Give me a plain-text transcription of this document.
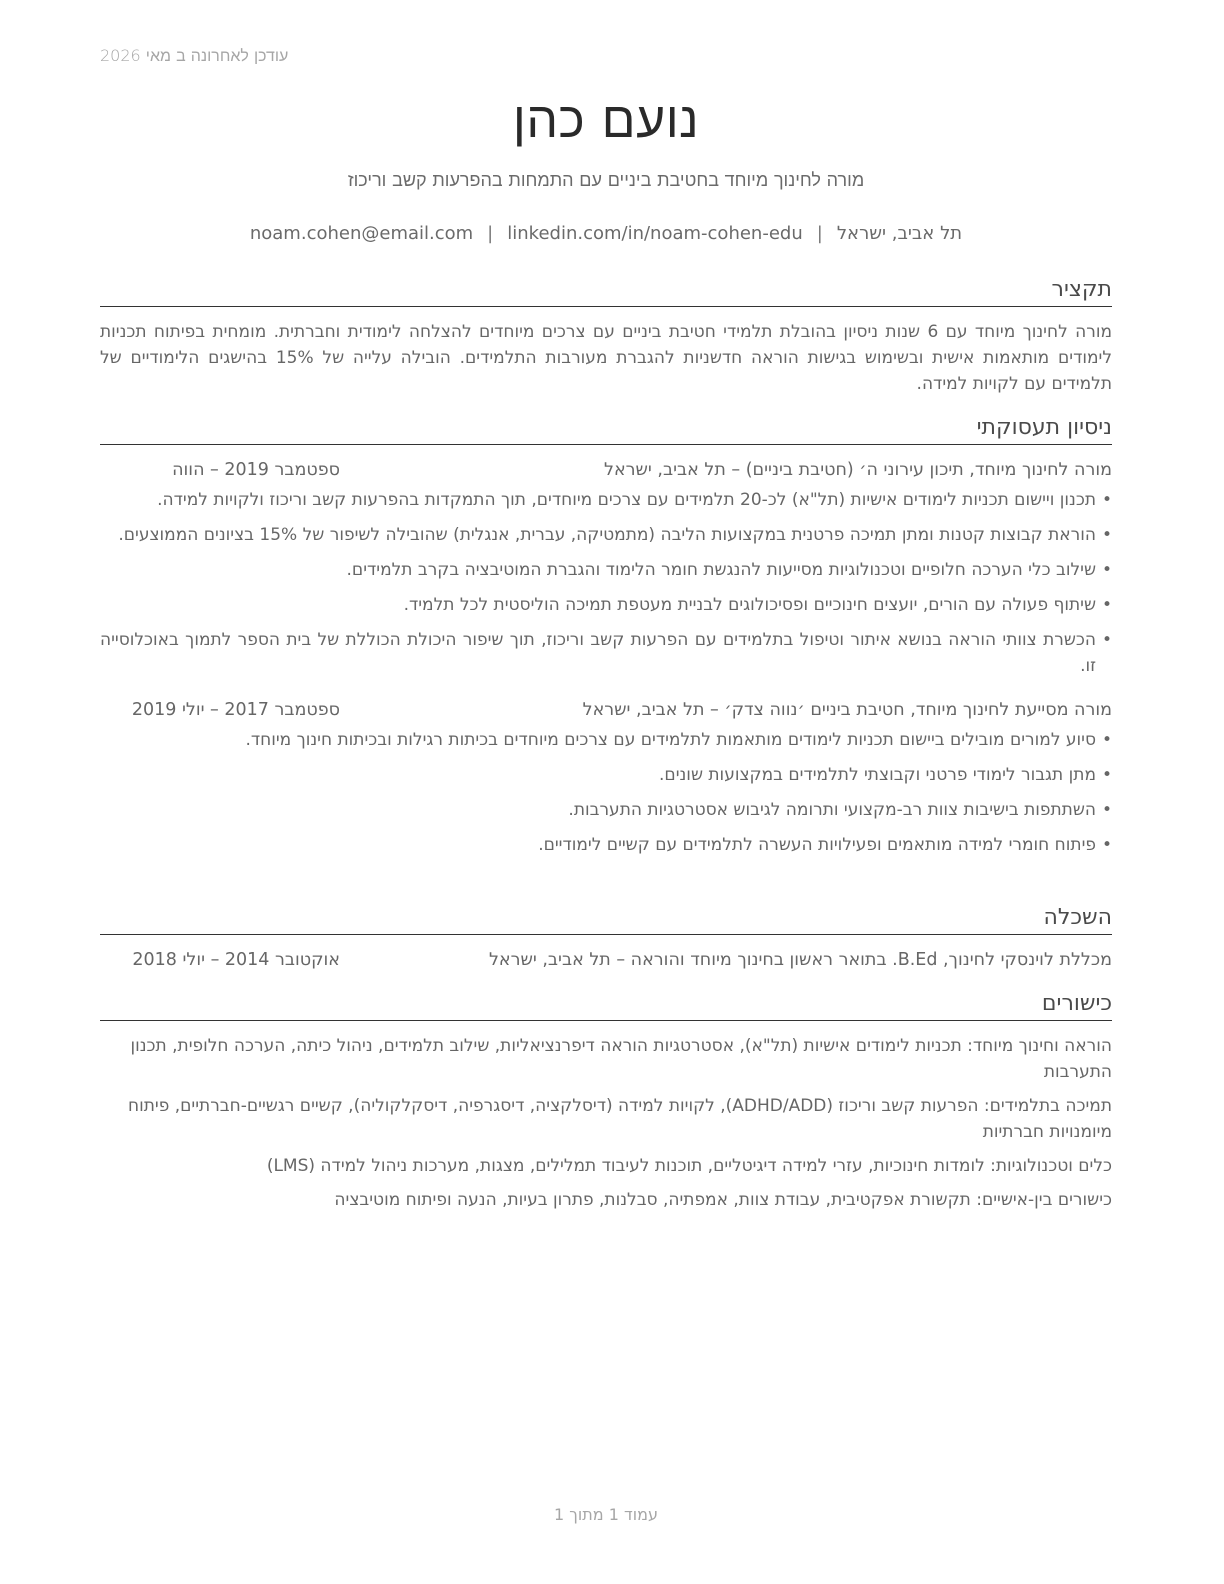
עודכן לאחרונה ב מאי 2026
נועם כהן
מורה לחינוך מיוחד בחטיבת ביניים עם התמחות בהפרעות קשב וריכוז
תל אביב, ישראל|noam.cohen@email.com | linkedin.com/in/noam-cohen-edu
תקציר
מורה לחינוך מיוחד עם 6 שנות ניסיון בהובלת תלמידי חטיבת ביניים עם צרכים מיוחדים להצלחה לימודית וחברתית. מומחית בפיתוח תכניות לימודים מותאמות אישית ובשימוש בגישות הוראה חדשניות להגברת מעורבות התלמידים. הובילה עלייה של 15% בהישגים הלימודיים של תלמידים עם לקויות למידה.
ניסיון תעסוקתי
מורה לחינוך מיוחד, תיכון עירוני ה׳ (חטיבת ביניים) – תל אביב, ישראל
ספטמבר 2019 – הווה
• תכנון ויישום תכניות לימודים אישיות (תל"א) לכ-20 תלמידים עם צרכים מיוחדים, תוך התמקדות בהפרעות קשב וריכוז ולקויות למידה.
• הוראת קבוצות קטנות ומתן תמיכה פרטנית במקצועות הליבה (מתמטיקה, עברית, אנגלית) שהובילה לשיפור של 15% בציונים הממוצעים.
• שילוב כלי הערכה חלופיים וטכנולוגיות מסייעות להנגשת חומר הלימוד והגברת המוטיבציה בקרב תלמידים.
• שיתוף פעולה עם הורים, יועצים חינוכיים ופסיכולוגים לבניית מעטפת תמיכה הוליסטית לכל תלמיד.
• הכשרת צוותי הוראה בנושא איתור וטיפול בתלמידים עם הפרעות קשב וריכוז, תוך שיפור היכולת הכוללת של בית הספר לתמוך באוכלוסייה זו.
מורה מסייעת לחינוך מיוחד, חטיבת ביניים ׳נווה צדק׳ – תל אביב, ישראל
ספטמבר 2017 – יולי 2019
• סיוע למורים מובילים ביישום תכניות לימודים מותאמות לתלמידים עם צרכים מיוחדים בכיתות רגילות ובכיתות חינוך מיוחד.
• מתן תגבור לימודי פרטני וקבוצתי לתלמידים במקצועות שונים.
• השתתפות בישיבות צוות רב-מקצועי ותרומה לגיבוש אסטרטגיות התערבות.
• פיתוח חומרי למידה מותאמים ופעילויות העשרה לתלמידים עם קשיים לימודיים.
השכלה
מכללת לוינסקי לחינוך, B.Ed. בתואר ראשון בחינוך מיוחד והוראה – תל אביב, ישראל
אוקטובר 2014 – יולי 2018
כישורים
הוראה וחינוך מיוחד: תכניות לימודים אישיות (תל"א), אסטרטגיות הוראה דיפרנציאליות, שילוב תלמידים, ניהול כיתה, הערכה חלופית, תכנון התערבות
תמיכה בתלמידים: הפרעות קשב וריכוז (ADHD/ADD), לקויות למידה (דיסלקציה, דיסגרפיה, דיסקלקוליה), קשיים רגשיים-חברתיים, פיתוח מיומנויות חברתיות
כלים וטכנולוגיות: לומדות חינוכיות, עזרי למידה דיגיטליים, תוכנות לעיבוד תמלילים, מצגות, מערכות ניהול למידה (LMS)
כישורים בין-אישיים: תקשורת אפקטיבית, עבודת צוות, אמפתיה, סבלנות, פתרון בעיות, הנעה ופיתוח מוטיבציה
עמוד 1 מתוך 1
